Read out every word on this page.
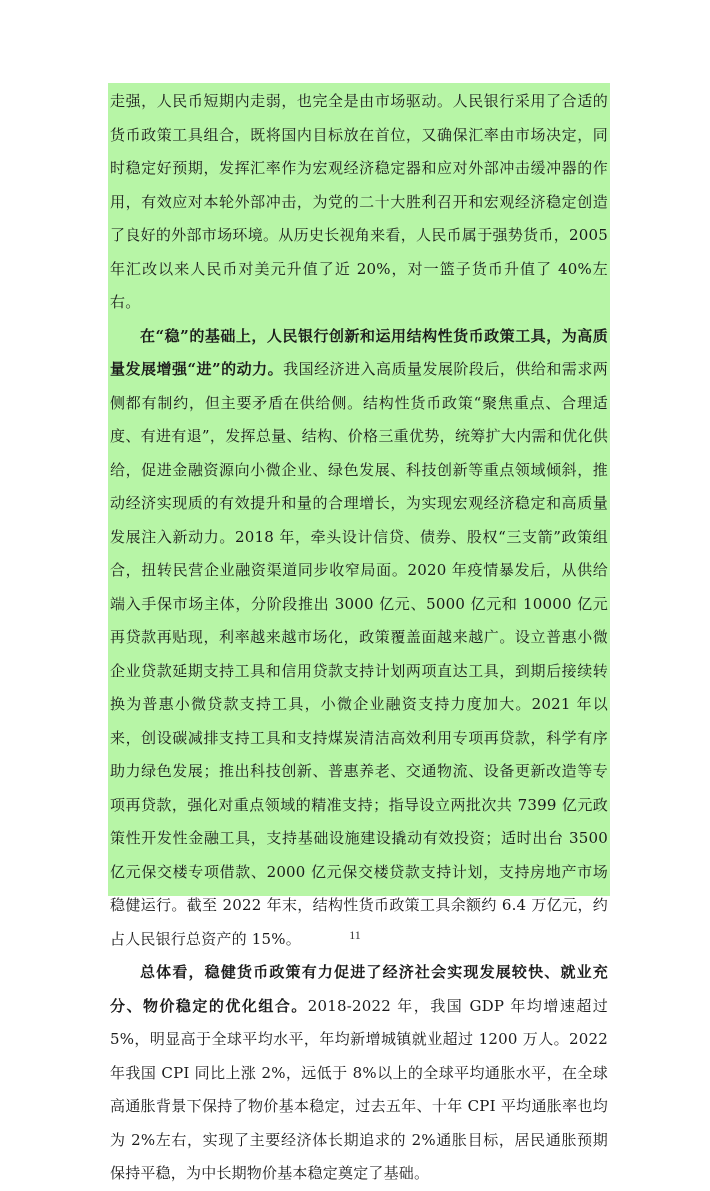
走强，人民币短期内走弱，也完全是由市场驱动。人民银行采用了合适的货币政策工具组合，既将国内目标放在首位，又确保汇率由市场决定，同时稳定好预期，发挥汇率作为宏观经济稳定器和应对外部冲击缓冲器的作用，有效应对本轮外部冲击，为党的二十大胜利召开和宏观经济稳定创造了良好的外部市场环境。从历史长视角来看，人民币属于强势货币，2005 年汇改以来人民币对美元升值了近 20%，对一篮子货币升值了 40%左右。

在“稳”的基础上，人民银行创新和运用结构性货币政策工具，为高质量发展增强“进”的动力。我国经济进入高质量发展阶段后，供给和需求两侧都有制约，但主要矛盾在供给侧。结构性货币政策“聚焦重点、合理适度、有进有退”，发挥总量、结构、价格三重优势，统筹扩大内需和优化供给，促进金融资源向小微企业、绿色发展、科技创新等重点领域倾斜，推动经济实现质的有效提升和量的合理增长，为实现宏观经济稳定和高质量发展注入新动力。2018 年，牵头设计信贷、债券、股权“三支箭”政策组合，扭转民营企业融资渠道同步收窄局面。2020 年疫情暴发后，从供给端入手保市场主体，分阶段推出 3000 亿元、5000 亿元和 10000 亿元再贷款再贴现，利率越来越市场化，政策覆盖面越来越广。设立普惠小微企业贷款延期支持工具和信用贷款支持计划两项直达工具，到期后接续转换为普惠小微贷款支持工具，小微企业融资支持力度加大。2021 年以来，创设碳减排支持工具和支持煤炭清洁高效利用专项再贷款，科学有序助力绿色发展；推出科技创新、普惠养老、交通物流、设备更新改造等专项再贷款，强化对重点领域的精准支持；指导设立两批次共 7399 亿元政策性开发性金融工具，支持基础设施建设撬动有效投资；适时出台 3500 亿元保交楼专项借款、2000 亿元保交楼贷款支持计划，支持房地产市场稳健运行。截至 2022 年末，结构性货币政策工具余额约 6.4 万亿元，约占人民银行总资产的 15%。

总体看，稳健货币政策有力促进了经济社会实现发展较快、就业充分、物价稳定的优化组合。2018-2022 年，我国 GDP 年均增速超过 5%，明显高于全球平均水平，年均新增城镇就业超过 1200 万人。2022 年我国 CPI 同比上涨 2%，远低于 8%以上的全球平均通胀水平，在全球高通胀背景下保持了物价基本稳定，过去五年、十年 CPI 平均通胀率也均为 2%左右，实现了主要经济体长期追求的 2%通胀目标，居民通胀预期保持平稳，为中长期物价基本稳定奠定了基础。

11
